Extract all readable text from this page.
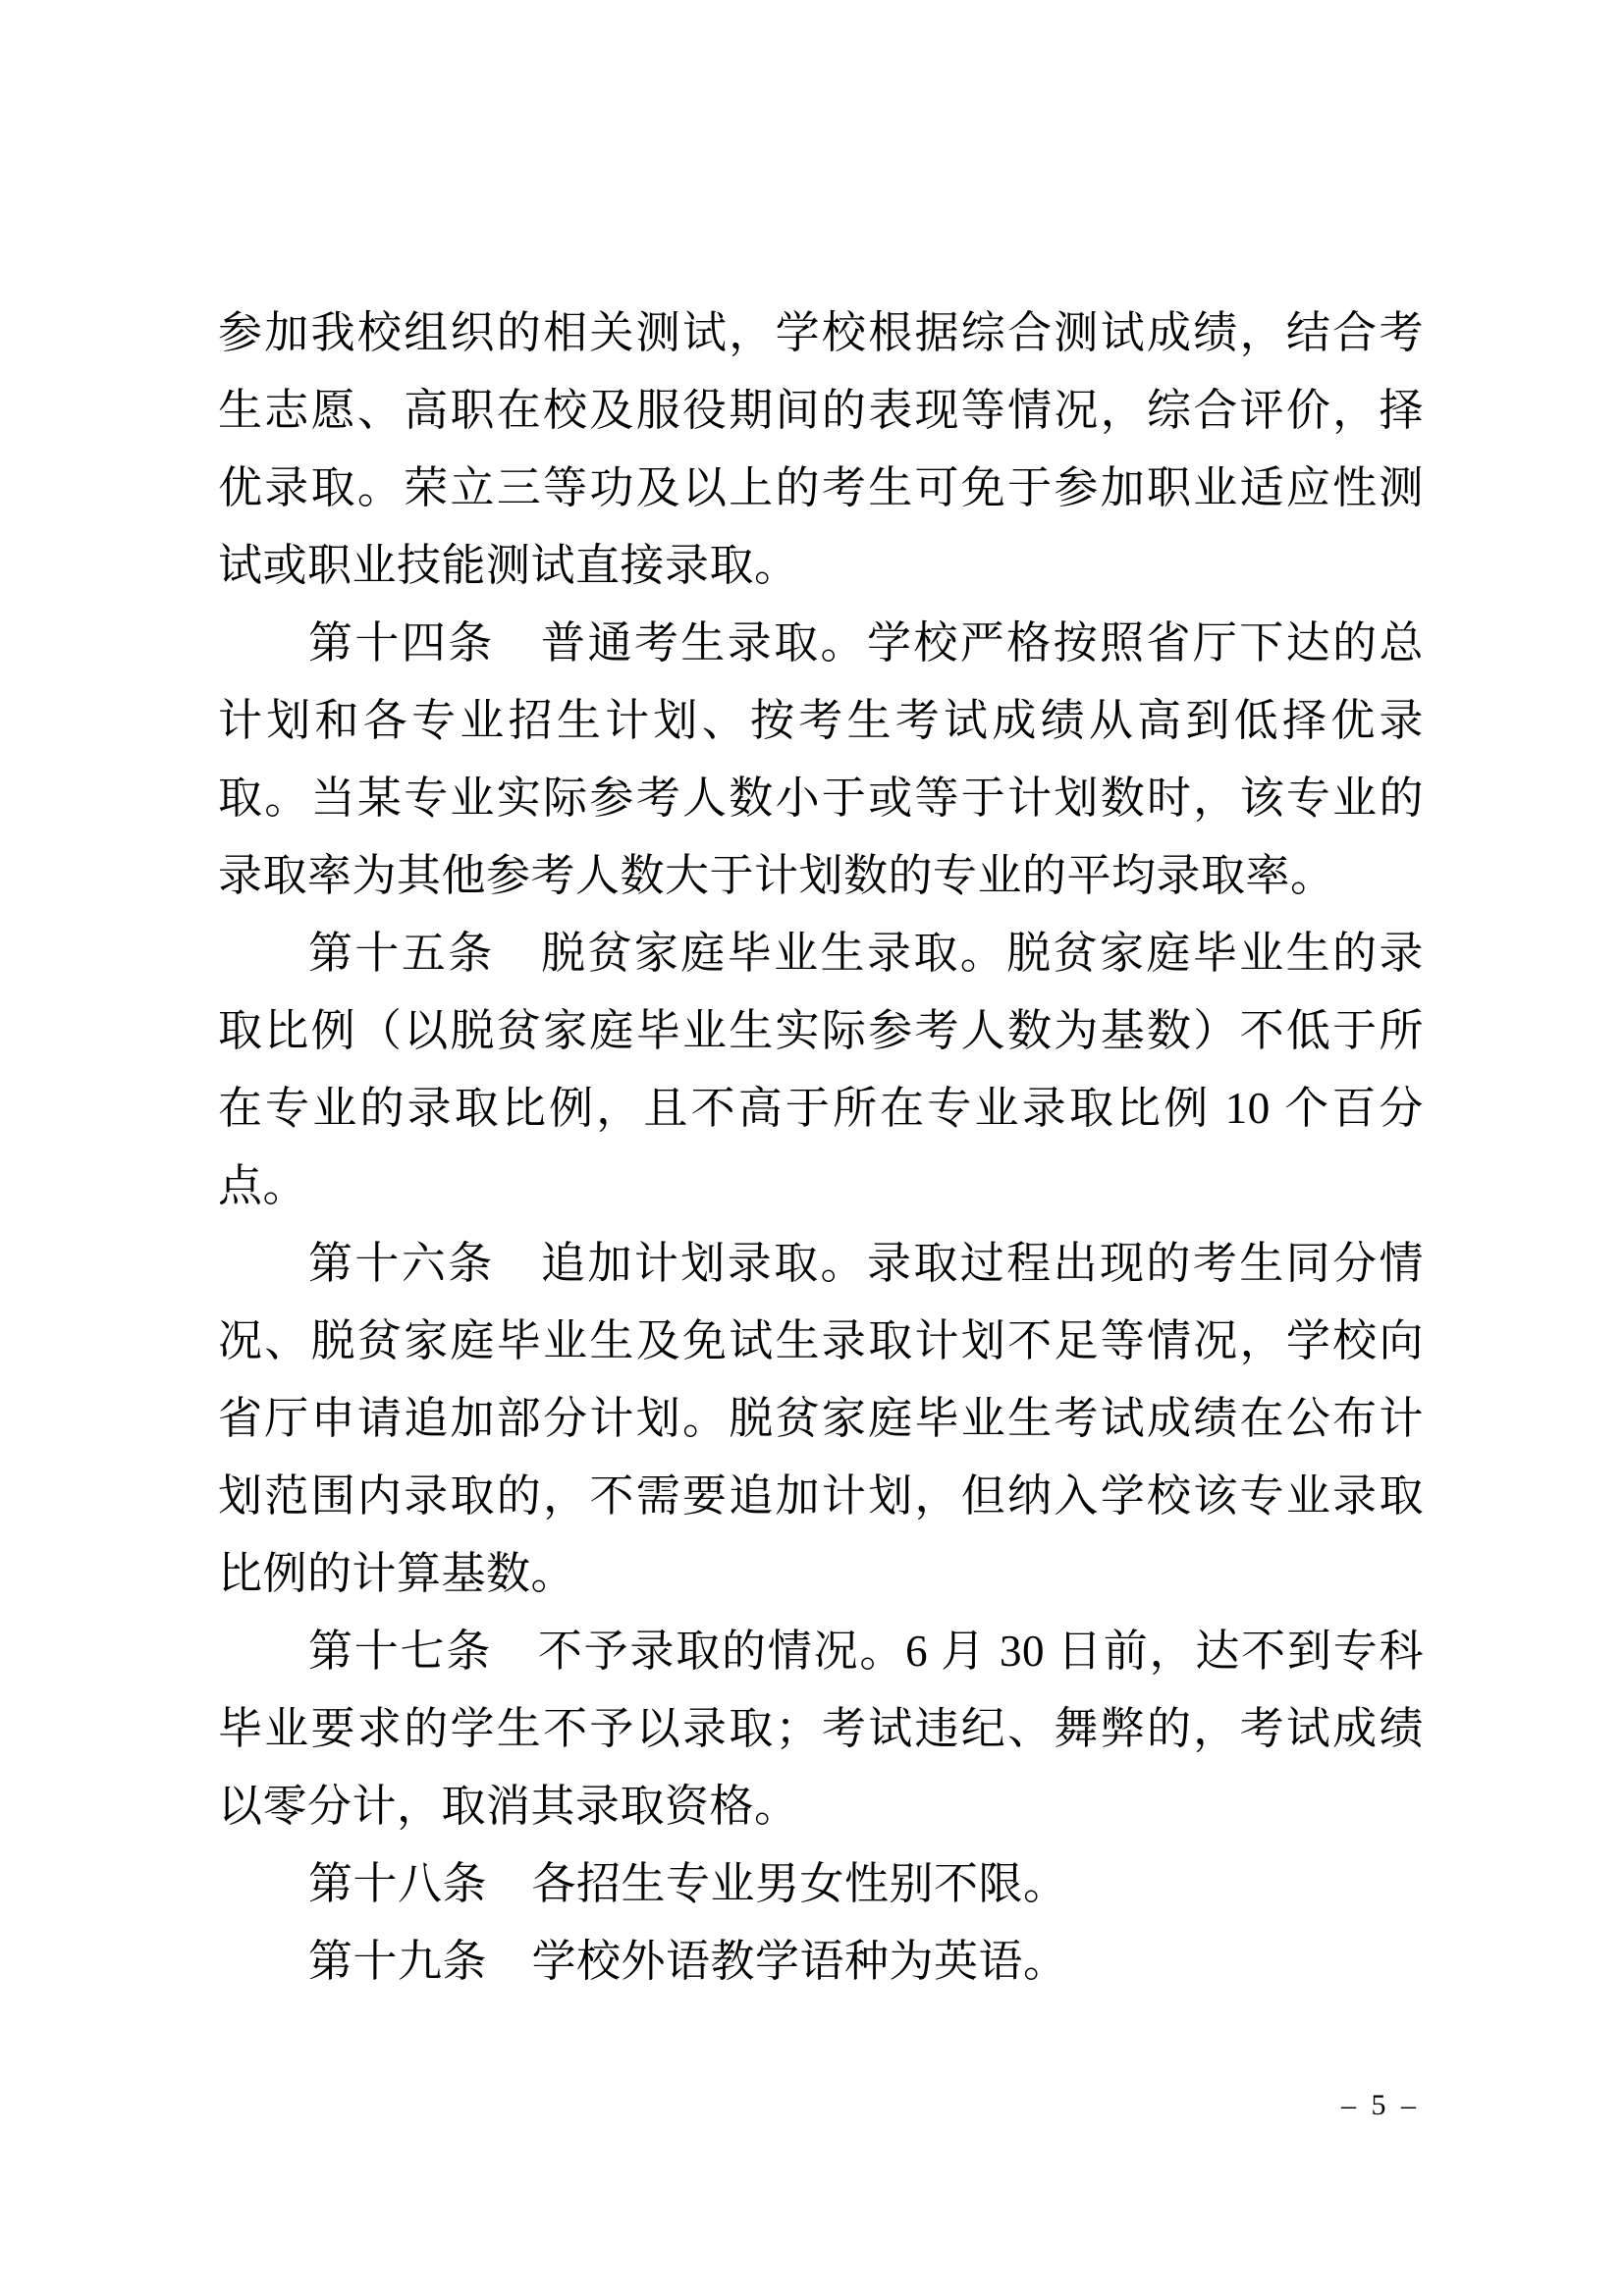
参加我校组织的相关测试，学校根据综合测试成绩，结合考生志愿、高职在校及服役期间的表现等情况，综合评价，择优录取。荣立三等功及以上的考生可免于参加职业适应性测试或职业技能测试直接录取。

第十四条　普通考生录取。学校严格按照省厅下达的总计划和各专业招生计划、按考生考试成绩从高到低择优录取。当某专业实际参考人数小于或等于计划数时，该专业的录取率为其他参考人数大于计划数的专业的平均录取率。

第十五条　脱贫家庭毕业生录取。脱贫家庭毕业生的录取比例（以脱贫家庭毕业生实际参考人数为基数）不低于所在专业的录取比例，且不高于所在专业录取比例 10 个百分点。

第十六条　追加计划录取。录取过程出现的考生同分情况、脱贫家庭毕业生及免试生录取计划不足等情况，学校向省厅申请追加部分计划。脱贫家庭毕业生考试成绩在公布计划范围内录取的，不需要追加计划，但纳入学校该专业录取比例的计算基数。

第十七条　不予录取的情况。6 月 30 日前，达不到专科毕业要求的学生不予以录取；考试违纪、舞弊的，考试成绩以零分计，取消其录取资格。

第十八条　各招生专业男女性别不限。

第十九条　学校外语教学语种为英语。

– 5 –
